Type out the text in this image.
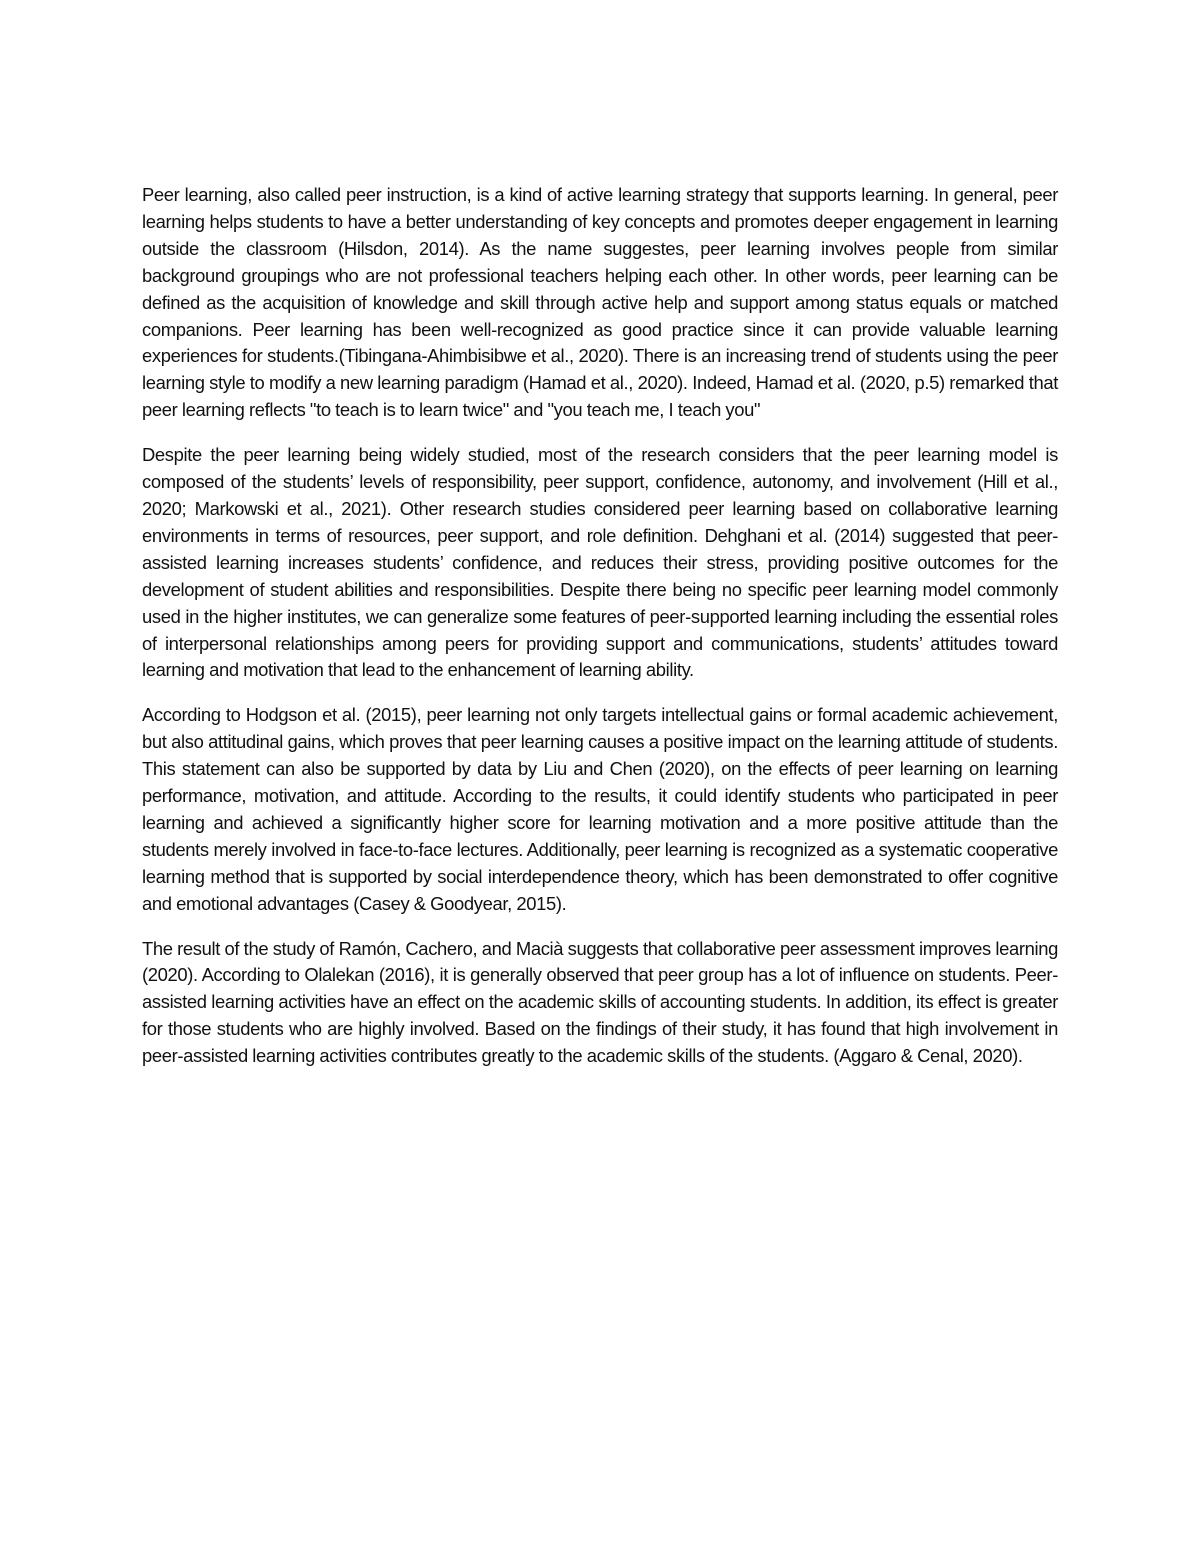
Peer learning, also called peer instruction, is a kind of active learning strategy that supports learning. In general, peer learning helps students to have a better understanding of key concepts and promotes deeper engagement in learning outside the classroom (Hilsdon, 2014). As the name suggestes, peer learning involves people from similar background groupings who are not professional teachers helping each other. In other words, peer learning can be defined as the acquisition of knowledge and skill through active help and support among status equals or matched companions. Peer learning has been well-recognized as good practice since it can provide valuable learning experiences for students.(Tibingana-Ahimbisibwe et al., 2020). There is an increasing trend of students using the peer learning style to modify a new learning paradigm (Hamad et al., 2020). Indeed, Hamad et al. (2020, p.5) remarked that peer learning reflects "to teach is to learn twice" and "you teach me, I teach you"

Despite the peer learning being widely studied, most of the research considers that the peer learning model is composed of the students’ levels of responsibility, peer support, confidence, autonomy, and involvement (Hill et al., 2020; Markowski et al., 2021). Other research studies considered peer learning based on collaborative learning environments in terms of resources, peer support, and role definition. Dehghani et al. (2014) suggested that peer-assisted learning increases students’ confidence, and reduces their stress, providing positive outcomes for the development of student abilities and responsibilities. Despite there being no specific peer learning model commonly used in the higher institutes, we can generalize some features of peer-supported learning including the essential roles of interpersonal relationships among peers for providing support and communications, students’ attitudes toward learning and motivation that lead to the enhancement of learning ability.

According to Hodgson et al. (2015), peer learning not only targets intellectual gains or formal academic achievement, but also attitudinal gains, which proves that peer learning causes a positive impact on the learning attitude of students. This statement can also be supported by data by Liu and Chen (2020), on the effects of peer learning on learning performance, motivation, and attitude. According to the results, it could identify students who participated in peer learning and achieved a significantly higher score for learning motivation and a more positive attitude than the students merely involved in face-to-face lectures. Additionally, peer learning is recognized as a systematic cooperative learning method that is supported by social interdependence theory, which has been demonstrated to offer cognitive and emotional advantages (Casey & Goodyear, 2015).

The result of the study of Ramón, Cachero, and Macià suggests that collaborative peer assessment improves learning (2020). According to Olalekan (2016), it is generally observed that peer group has a lot of influence on students. Peer-assisted learning activities have an effect on the academic skills of accounting students. In addition, its effect is greater for those students who are highly involved. Based on the findings of their study, it has found that high involvement in peer-assisted learning activities contributes greatly to the academic skills of the students. (Aggaro & Cenal, 2020).
